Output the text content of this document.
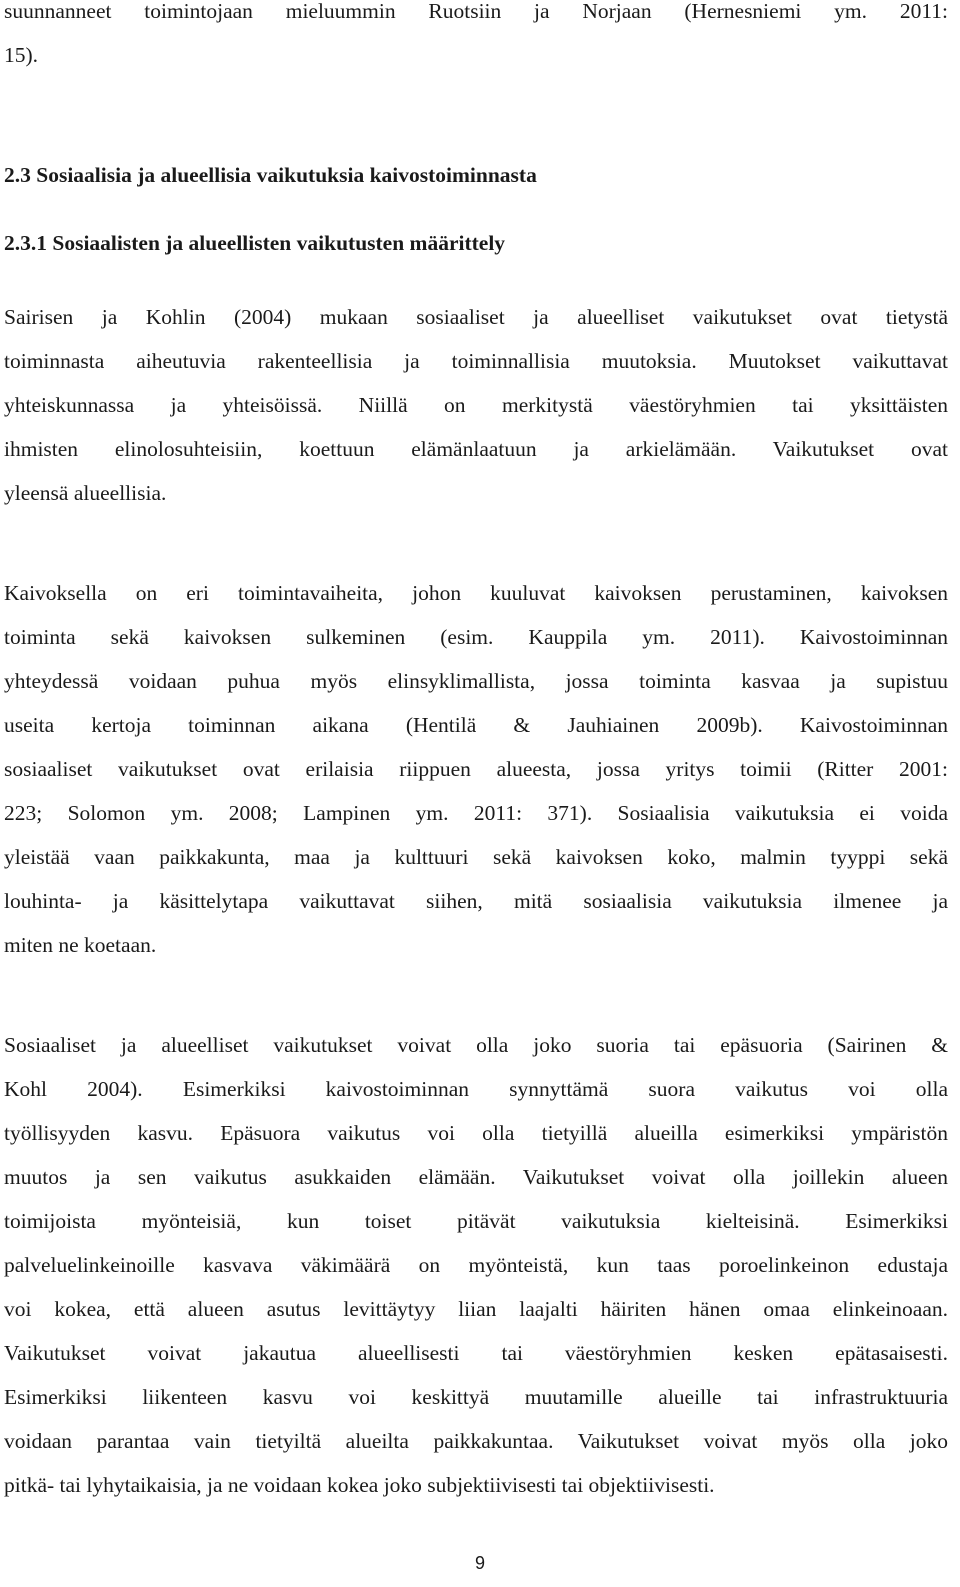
suunnanneet toimintojaan mieluummin Ruotsiin ja Norjaan (Hernesniemi ym. 2011:
15).
2.3 Sosiaalisia ja alueellisia vaikutuksia kaivostoiminnasta
2.3.1 Sosiaalisten ja alueellisten vaikutusten määrittely
Sairisen ja Kohlin (2004) mukaan sosiaaliset ja alueelliset vaikutukset ovat tietystä
toiminnasta aiheutuvia rakenteellisia ja toiminnallisia muutoksia. Muutokset vaikuttavat
yhteiskunnassa ja yhteisöissä. Niillä on merkitystä väestöryhmien tai yksittäisten
ihmisten elinolosuhteisiin, koettuun elämänlaatuun ja arkielämään. Vaikutukset ovat
yleensä alueellisia.
Kaivoksella on eri toimintavaiheita, johon kuuluvat kaivoksen perustaminen, kaivoksen
toiminta sekä kaivoksen sulkeminen (esim. Kauppila ym. 2011). Kaivostoiminnan
yhteydessä voidaan puhua myös elinsyklimallista, jossa toiminta kasvaa ja supistuu
useita kertoja toiminnan aikana (Hentilä & Jauhiainen 2009b). Kaivostoiminnan
sosiaaliset vaikutukset ovat erilaisia riippuen alueesta, jossa yritys toimii (Ritter 2001:
223; Solomon ym. 2008; Lampinen ym. 2011: 371). Sosiaalisia vaikutuksia ei voida
yleistää vaan paikkakunta, maa ja kulttuuri sekä kaivoksen koko, malmin tyyppi sekä
louhinta- ja käsittelytapa vaikuttavat siihen, mitä sosiaalisia vaikutuksia ilmenee ja
miten ne koetaan.
Sosiaaliset ja alueelliset vaikutukset voivat olla joko suoria tai epäsuoria (Sairinen &
Kohl 2004). Esimerkiksi kaivostoiminnan synnyttämä suora vaikutus voi olla
työllisyyden kasvu. Epäsuora vaikutus voi olla tietyillä alueilla esimerkiksi ympäristön
muutos ja sen vaikutus asukkaiden elämään. Vaikutukset voivat olla joillekin alueen
toimijoista myönteisiä, kun toiset pitävät vaikutuksia kielteisinä. Esimerkiksi
palveluelinkeinoille kasvava väkimäärä on myönteistä, kun taas poroelinkeinon edustaja
voi kokea, että alueen asutus levittäytyy liian laajalti häiriten hänen omaa elinkeinoaan.
Vaikutukset voivat jakautua alueellisesti tai väestöryhmien kesken epätasaisesti.
Esimerkiksi liikenteen kasvu voi keskittyä muutamille alueille tai infrastruktuuria
voidaan parantaa vain tietyiltä alueilta paikkakuntaa. Vaikutukset voivat myös olla joko
pitkä- tai lyhytaikaisia, ja ne voidaan kokea joko subjektiivisesti tai objektiivisesti.
9
